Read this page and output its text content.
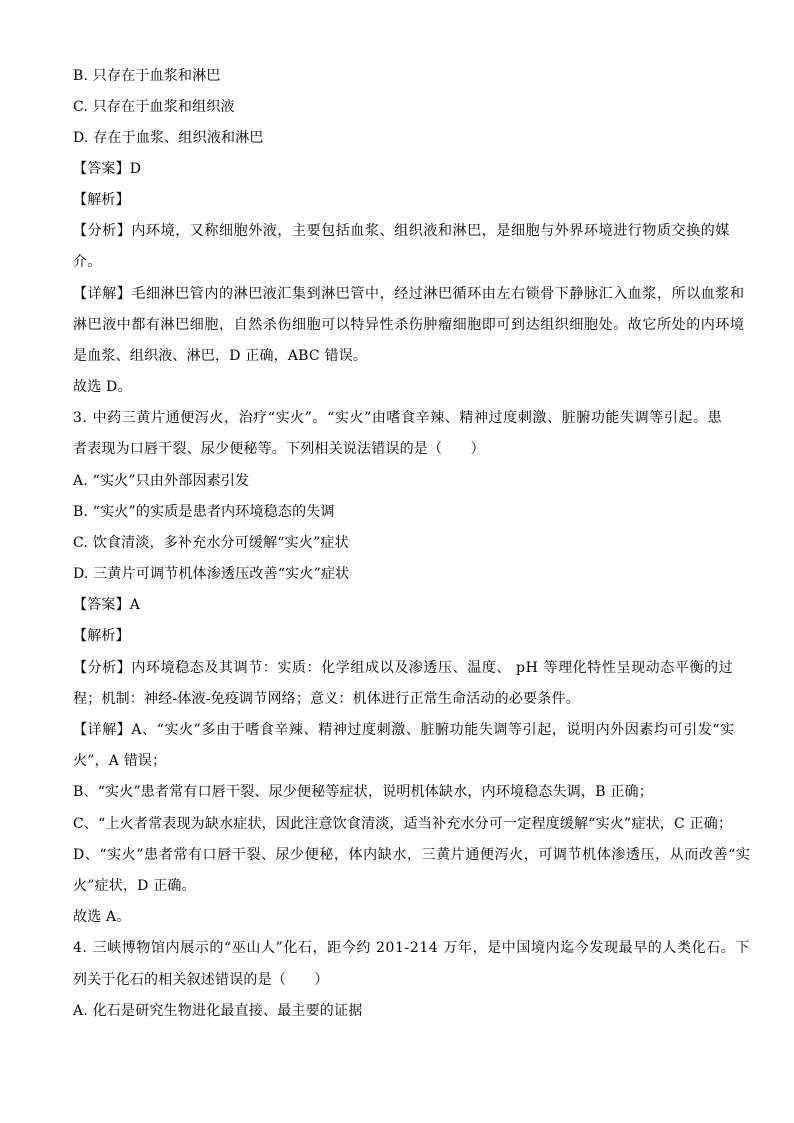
B. 只存在于血浆和淋巴
C. 只存在于血浆和组织液
D. 存在于血浆、组织液和淋巴
【答案】D
【解析】
【分析】内环境，又称细胞外液，主要包括血浆、组织液和淋巴，是细胞与外界环境进行物质交换的媒
介。
【详解】毛细淋巴管内的淋巴液汇集到淋巴管中，经过淋巴循环由左右锁骨下静脉汇入血浆，所以血浆和
淋巴液中都有淋巴细胞，自然杀伤细胞可以特异性杀伤肿瘤细胞即可到达组织细胞处。故它所处的内环境
是血浆、组织液、淋巴，D 正确，ABC 错误。
故选 D。
3. 中药三黄片通便泻火，治疗“实火”。“实火”由嗜食辛辣、精神过度刺激、脏腑功能失调等引起。患
者表现为口唇干裂、尿少便秘等。下列相关说法错误的是（　　）
A. “实火”只由外部因素引发
B. “实火”的实质是患者内环境稳态的失调
C. 饮食清淡，多补充水分可缓解“实火”症状
D. 三黄片可调节机体渗透压改善“实火”症状
【答案】A
【解析】
【分析】内环境稳态及其调节：实质：化学组成以及渗透压、温度、 pH 等理化特性呈现动态平衡的过
程；机制：神经-体液-免疫调节网络；意义：机体进行正常生命活动的必要条件。
【详解】A、“实火”多由于嗜食辛辣、精神过度刺激、脏腑功能失调等引起，说明内外因素均可引发“实
火”，A 错误；
B、“实火”患者常有口唇干裂、尿少便秘等症状，说明机体缺水，内环境稳态失调，B 正确；
C、“上火者常表现为缺水症状，因此注意饮食清淡，适当补充水分可一定程度缓解“实火”症状，C 正确；
D、“实火”患者常有口唇干裂、尿少便秘，体内缺水，三黄片通便泻火，可调节机体渗透压，从而改善“实
火”症状，D 正确。
故选 A。
4. 三峡博物馆内展示的“巫山人”化石，距今约 201-214 万年，是中国境内迄今发现最早的人类化石。下
列关于化石的相关叙述错误的是（　　）
A. 化石是研究生物进化最直接、最主要的证据
